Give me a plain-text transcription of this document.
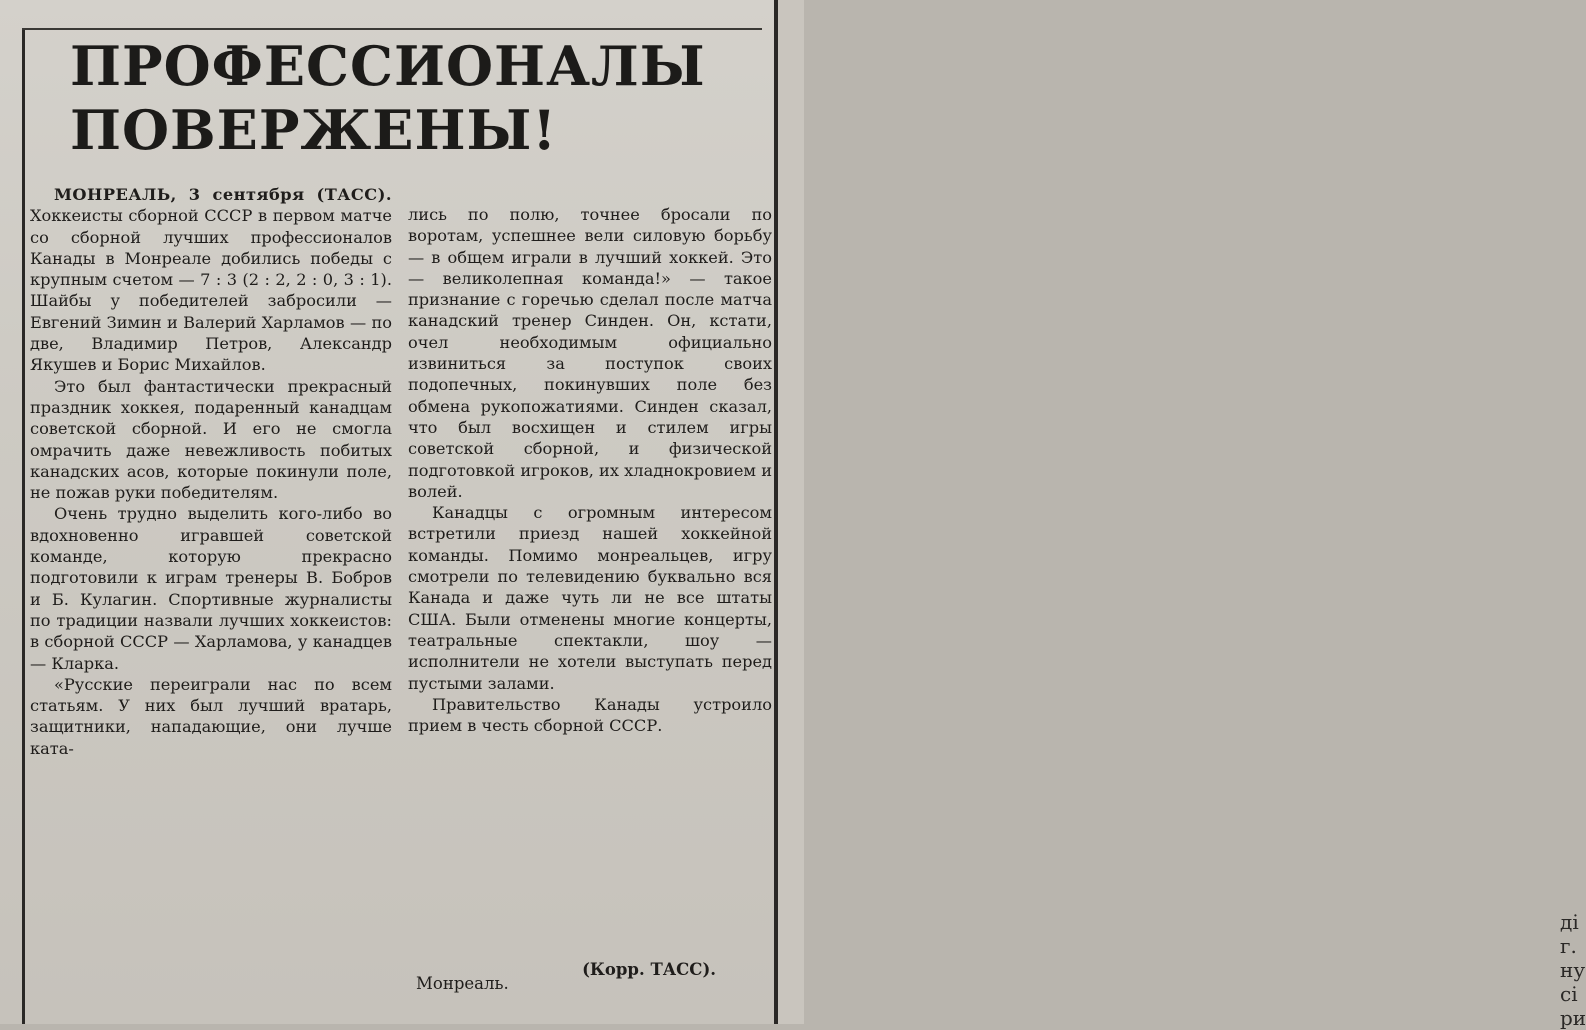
ді
г.
ну
сі
ри
ПРОФЕССИОНАЛЫ
ПОВЕРЖЕНЫ!

МОНРЕАЛЬ, 3 сентября (ТАСС). Хоккеисты сборной СССР в первом матче со сборной лучших профессионалов Канады в Монреале добились победы с крупным счетом — 7 : 3 (2 : 2, 2 : 0, 3 : 1). Шайбы у победителей забросили — Евгений Зимин и Валерий Харламов — по две, Владимир Петров, Александр Якушев и Борис Михайлов.

Это был фантастически прекрасный праздник хоккея, подаренный канадцам советской сборной. И его не смогла омрачить даже невежливость побитых канадских асов, которые покинули поле, не пожав руки победителям.

Очень трудно выделить кого-либо во вдохновенно игравшей советской команде, которую прекрасно подготовили к играм тренеры В. Бобров и Б. Кулагин. Спортивные журналисты по традиции назвали лучших хоккеистов: в сборной СССР — Харламова, у канадцев — Кларка.

«Русские переиграли нас по всем статьям. У них был лучший вратарь, защитники, нападающие, они лучше ката-

лись по полю, точнее бросали по воротам, успешнее вели силовую борьбу — в общем играли в лучший хоккей. Это — великолепная команда!» — такое признание с горечью сделал после матча канадский тренер Синден. Он, кстати, очел необходимым официально извиниться за поступок своих подопечных, покинувших поле без обмена рукопожатиями. Синден сказал, что был восхищен и стилем игры советской сборной, и физической подготовкой игроков, их хладнокровием и волей.

Канадцы с огромным интересом встретили приезд нашей хоккейной команды. Помимо монреальцев, игру смотрели по телевидению буквально вся Канада и даже чуть ли не все штаты США. Были отменены многие концерты, театральные спектакли, шоу — исполнители не хотели выступать перед пустыми залами.

Правительство Канады устроило прием в честь сборной СССР.

(Корр. ТАСС).
Монреаль.
